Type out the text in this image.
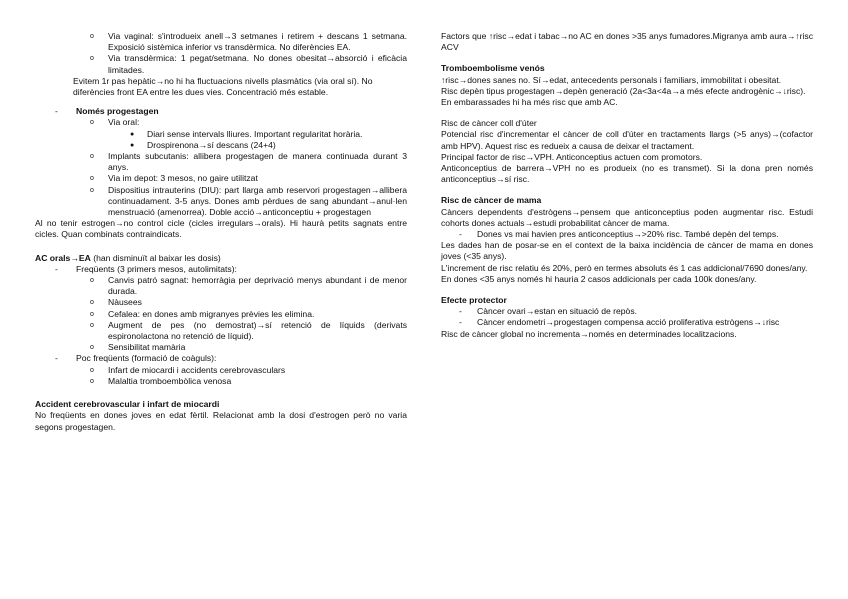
o	Via vaginal: s'introdueix anell→3 setmanes i retirem + descans 1 setmana. Exposició sistèmica inferior vs transdèrmica. No diferències EA.
o	Via transdèrmica: 1 pegat/setmana. No dones obesitat→absorció i eficàcia limitades.

Evitem 1r pas hepàtic→no hi ha fluctuacions nivells plasmàtics (via oral sí). No diferències front EA entre les dues vies. Concentració més estable.

-	Només progestagen
o	Via oral:
●	Diari sense intervals lliures. Important regularitat horària.
●	Drospirenona→sí descans (24+4)
o	Implants subcutanis: allibera progestagen de manera continuada durant 3 anys.
o	Via im depot: 3 mesos, no gaire utilitzat
o	Dispositius intrauterins (DIU): part llarga amb reservori progestagen→allibera continuadament. 3-5 anys. Dones amb pèrdues de sang abundant→anul·len menstruació (amenorrea). Doble acció→anticonceptiu + progestagen

Al no tenir estrogen→no control cicle (cicles irregulars→orals). Hi haurà petits sagnats entre cicles. Quan combinats contraindicats.

AC orals→EA (han disminuït al baixar les dosis)

-	Freqüents (3 primers mesos, autolimitats):
o	Canvis patró sagnat: hemorràgia per deprivació menys abundant i de menor durada.
o	Nàusees
o	Cefalea: en dones amb migranyes prèvies les elimina.
o	Augment de pes (no demostrat)→sí retenció de líquids (derivats espironolactona no retenció de líquid).
o	Sensibilitat mamària
-	Poc freqüents (formació de coàguls):
o	Infart de miocardi i accidents cerebrovasculars
o	Malaltia tromboembòlica venosa

Accident cerebrovascular i infart de miocardi

No freqüents en dones joves en edat fèrtil. Relacionat amb la dosi d'estrogen però no varia segons progestagen.

Factors que ↑risc→edat i tabac→no AC en dones >35 anys fumadores.Migranya amb aura→↑risc ACV

Tromboembolisme venós

↑risc→dones sanes no. Sí→edat, antecedents personals i familiars, immobilitat i obesitat.

Risc depèn tipus progestagen→depèn generació (2a<3a<4a→a més efecte androgènic→↓risc).

En embarassades hi ha més risc que amb AC.

Risc de càncer coll d'úter

Potencial risc d'incrementar el càncer de coll d'úter en tractaments llargs (>5 anys)→(cofactor amb HPV). Aquest risc es redueix a causa de deixar el tractament.

Principal factor de risc→VPH. Anticonceptius actuen com promotors.

Anticonceptius de barrera→VPH no es produeix (no es transmet). Si la dona pren només anticonceptius→sí risc.

Risc de càncer de mama

Càncers dependents d'estrògens→pensem que anticonceptius poden augmentar risc. Estudi cohorts dones actuals→estudi probabilitat càncer de mama.

-	Dones vs mai havien pres anticonceptius→>20% risc. També depèn del temps.

Les dades han de posar-se en el context de la baixa incidència de càncer de mama en dones joves (<35 anys).

L'increment de risc relatiu és 20%, però en termes absoluts és 1 cas addicional/7690 dones/any.

En dones <35 anys només hi hauria 2 casos addicionals per cada 100k dones/any.

Efecte protector

-	Càncer ovari→estan en situació de repòs.
-	Càncer endometri→progestagen compensa acció proliferativa estrògens→↓risc

Risc de càncer global no incrementa→només en determinades localitzacions.
